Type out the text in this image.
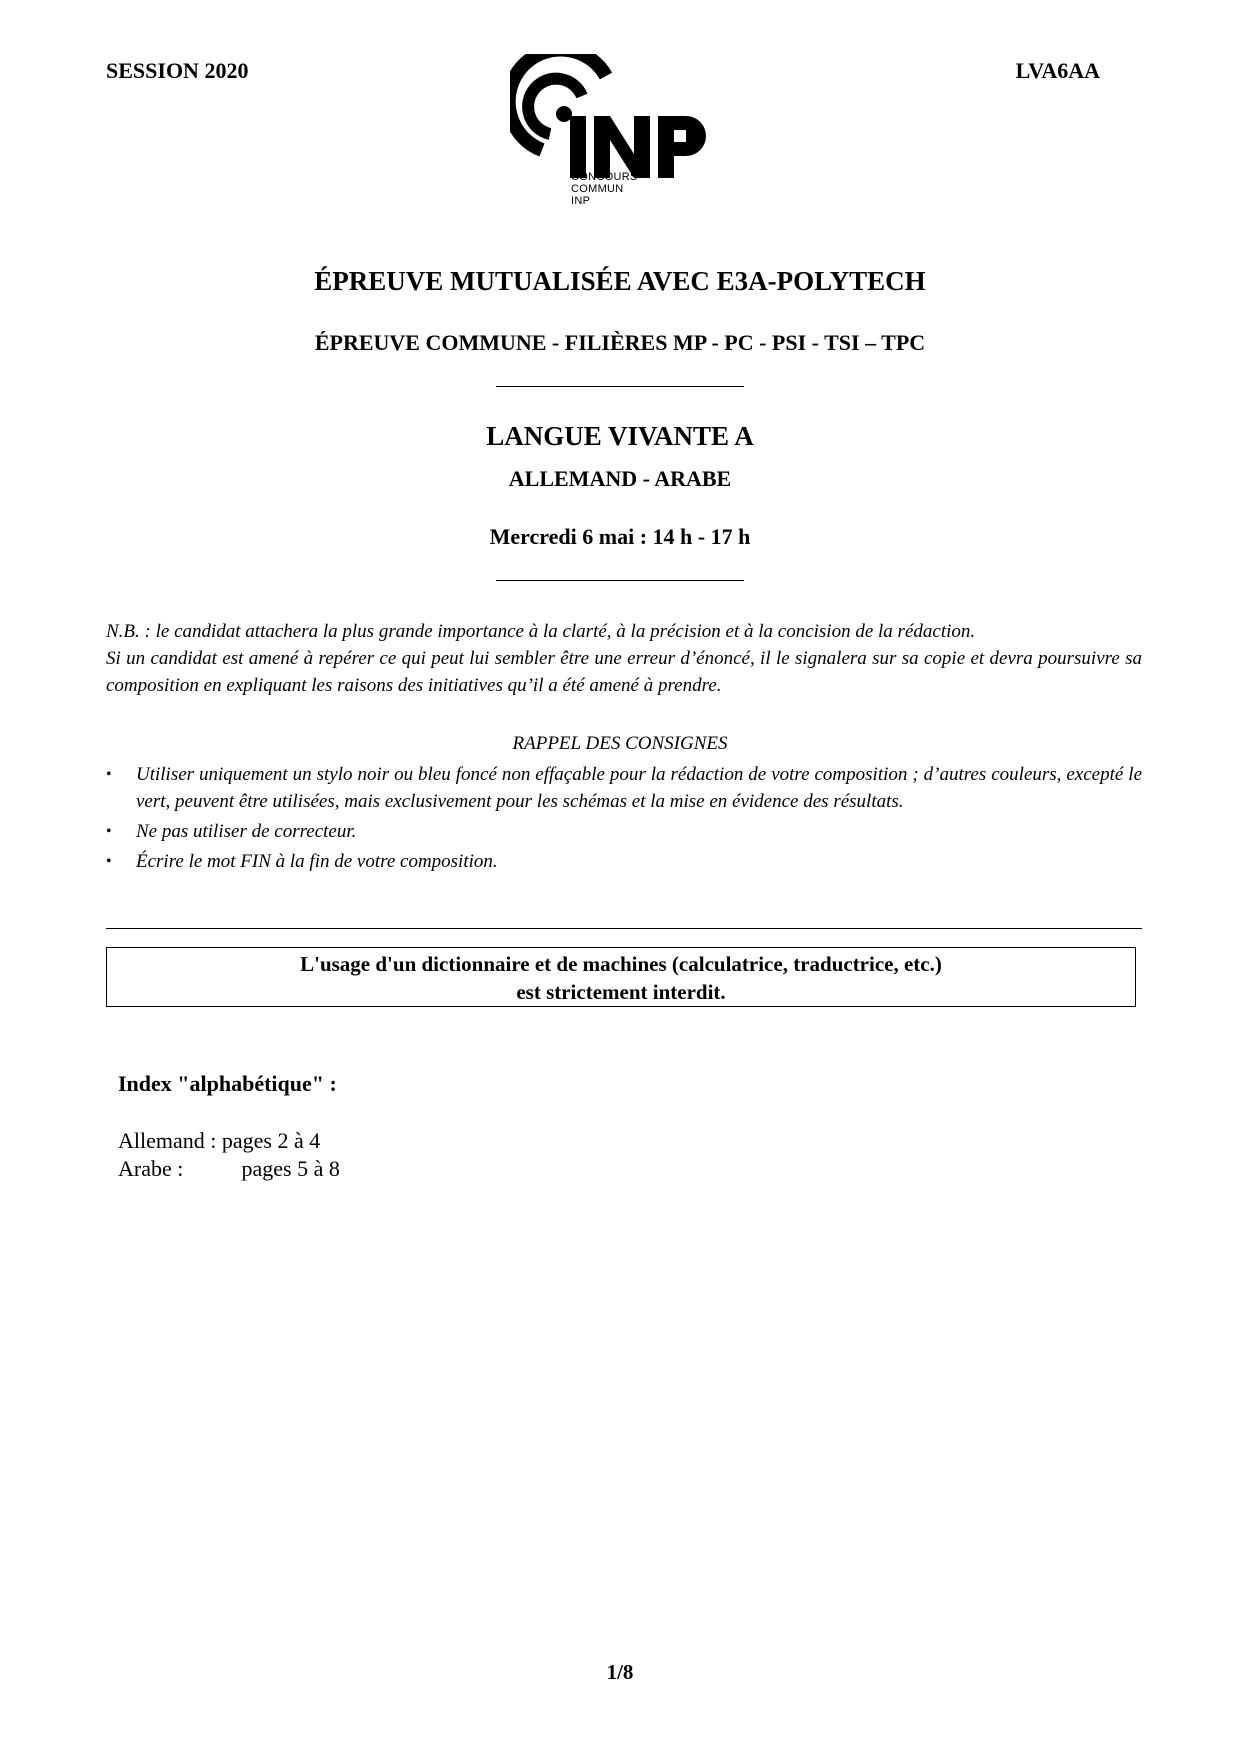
SESSION 2020	LVA6AA
CONCOURS
COMMUN
INP
ÉPREUVE MUTUALISÉE AVEC E3A-POLYTECH
ÉPREUVE COMMUNE - FILIÈRES MP - PC - PSI - TSI – TPC
LANGUE VIVANTE A
ALLEMAND - ARABE
Mercredi 6 mai : 14 h - 17 h

N.B. : le candidat attachera la plus grande importance à la clarté, à la précision et à la concision de la rédaction.

Si un candidat est amené à repérer ce qui peut lui sembler être une erreur d’énoncé, il le signalera sur sa copie et devra poursuivre sa composition en expliquant les raisons des initiatives qu’il a été amené à prendre.

RAPPEL DES CONSIGNES
• Utiliser uniquement un stylo noir ou bleu foncé non effaçable pour la rédaction de votre composition ; d’autres couleurs, excepté le vert, peuvent être utilisées, mais exclusivement pour les schémas et la mise en évidence des résultats.
• Ne pas utiliser de correcteur.
• Écrire le mot FIN à la fin de votre composition.
L'usage d'un dictionnaire et de machines (calculatrice, traductrice, etc.)
est strictement interdit.
Index "alphabétique" :
Allemand : pages 2 à 4
Arabe :	pages 5 à 8
1/8
